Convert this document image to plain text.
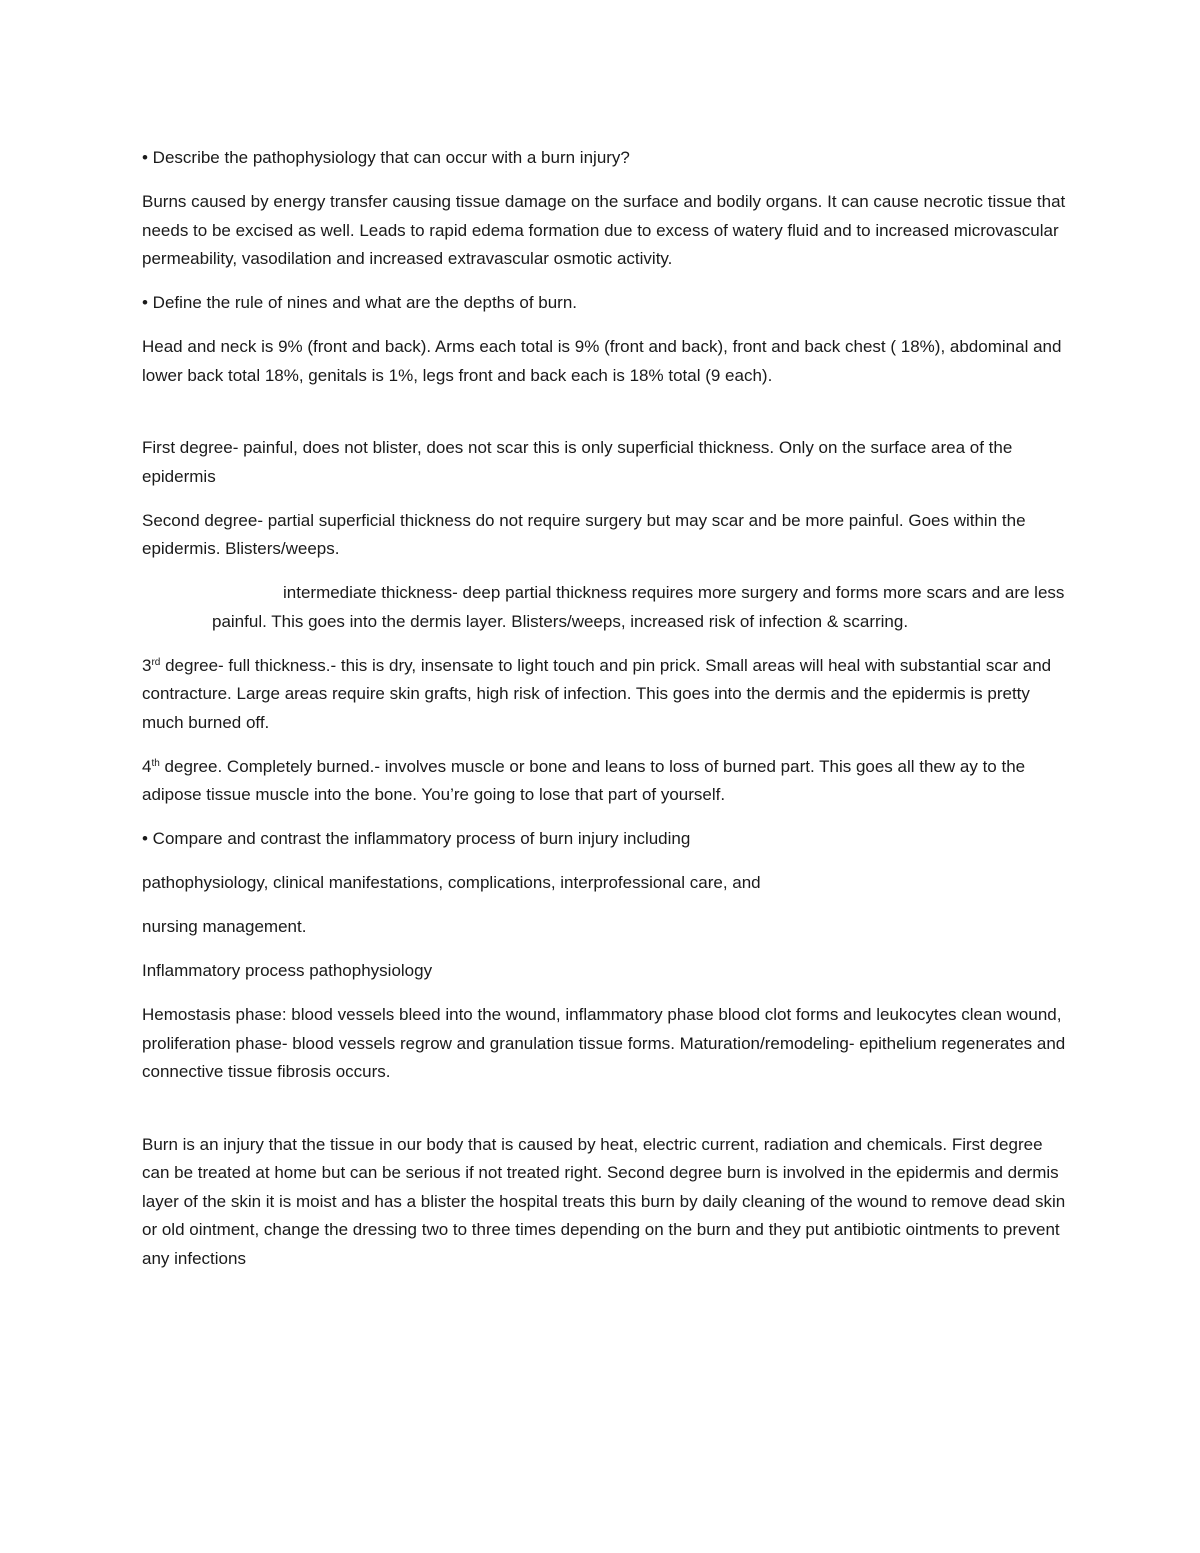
• Describe the pathophysiology that can occur with a burn injury?

Burns caused by energy transfer causing tissue damage on the surface and bodily organs. It can cause necrotic tissue that needs to be excised as well. Leads to rapid edema formation due to excess of watery fluid and to increased microvascular permeability, vasodilation and increased extravascular osmotic activity.

• Define the rule of nines and what are the depths of burn.

Head and neck is 9% (front and back). Arms each total is 9% (front and back), front and back chest ( 18%), abdominal and lower back total 18%, genitals is 1%, legs front and back each is 18% total (9 each).

First degree- painful, does not blister, does not scar this is only superficial thickness. Only on the surface area of the epidermis

Second degree- partial superficial thickness do not require surgery but may scar and be more painful. Goes within the epidermis. Blisters/weeps.

intermediate thickness- deep partial thickness requires more surgery and forms more scars and are less painful. This goes into the dermis layer. Blisters/weeps, increased risk of infection & scarring.

3rd degree- full thickness.- this is dry, insensate to light touch and pin prick. Small areas will heal with substantial scar and contracture. Large areas require skin grafts, high risk of infection. This goes into the dermis and the epidermis is pretty much burned off.

4th degree. Completely burned.- involves muscle or bone and leans to loss of burned part. This goes all thew ay to the adipose tissue muscle into the bone. You’re going to lose that part of yourself.

• Compare and contrast the inflammatory process of burn injury including

pathophysiology, clinical manifestations, complications, interprofessional care, and

nursing management.

Inflammatory process pathophysiology

Hemostasis phase: blood vessels bleed into the wound, inflammatory phase blood clot forms and leukocytes clean wound, proliferation phase- blood vessels regrow and granulation tissue forms. Maturation/remodeling- epithelium regenerates and connective tissue fibrosis occurs.

Burn is an injury that the tissue in our body that is caused by heat, electric current, radiation and chemicals. First degree can be treated at home but can be serious if not treated right. Second degree burn is involved in the epidermis and dermis layer of the skin it is moist and has a blister the hospital treats this burn by daily cleaning of the wound to remove dead skin or old ointment, change the dressing two to three times depending on the burn and they put antibiotic ointments to prevent any infections
